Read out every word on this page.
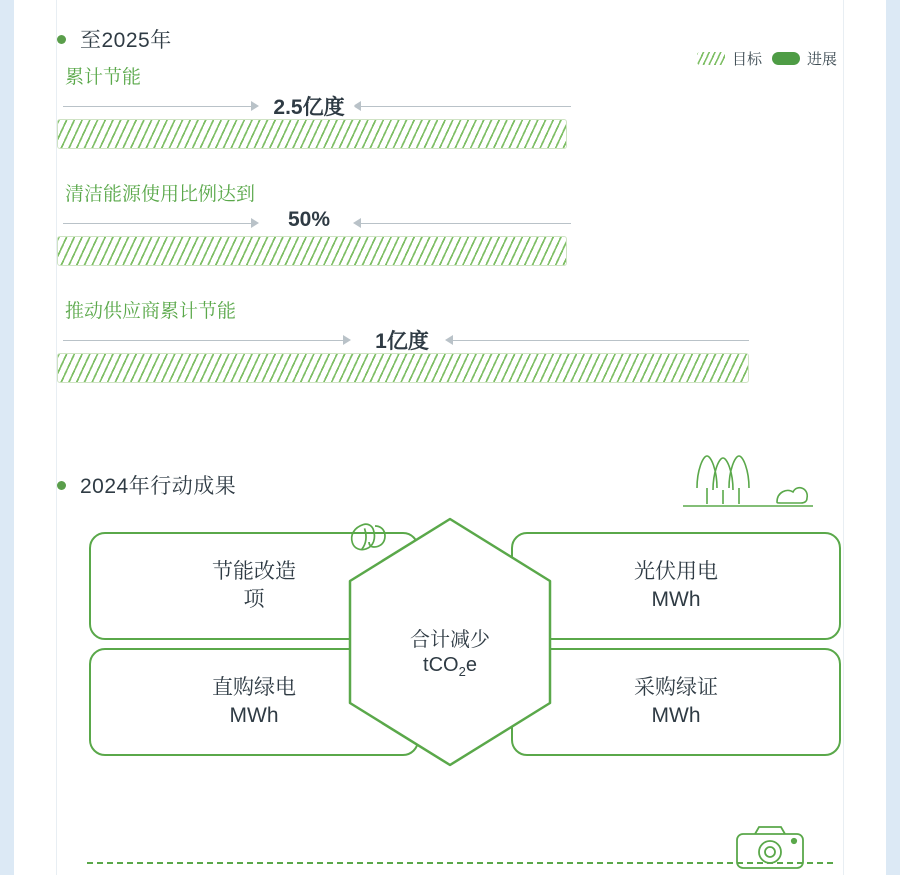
至2025年
目标	进展
累计节能
2.5亿度
清洁能源使用比例达到
50%
推动供应商累计节能
1亿度
2024年行动成果
节能改造
项
光伏用电
MWh
直购绿电
MWh
采购绿证
MWh
合计减少
tCO$_2$e
